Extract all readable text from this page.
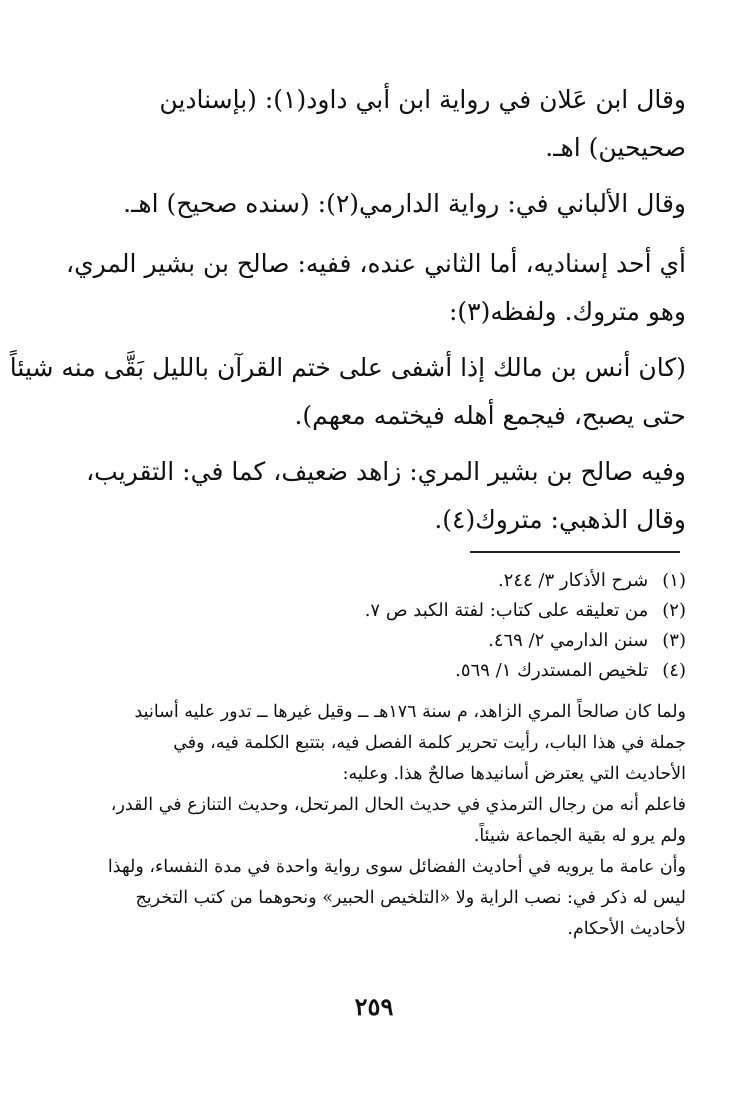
وقال ابن عَلان في رواية ابن أبي داود(١): (بإسنادين
صحيحين) اهـ.
وقال الألباني في: رواية الدارمي(٢): (سنده صحيح) اهـ.
أي أحد إسناديه، أما الثاني عنده، ففيه: صالح بن بشير المري،
وهو متروك. ولفظه(٣):
(كان أنس بن مالك إذا أشفى على ختم القرآن بالليل بَقَّى منه شيئاً
حتى يصبح، فيجمع أهله فيختمه معهم).
وفيه صالح بن بشير المري: زاهد ضعيف، كما في: التقريب،
وقال الذهبي: متروك(٤).
(١) شرح الأذكار ٣/ ٢٤٤.
(٢) من تعليقه على كتاب: لفتة الكبد ص ٧.
(٣) سنن الدارمي ٢/ ٤٦٩.
(٤) تلخيص المستدرك ١/ ٥٦٩.
ولما كان صالحاً المري الزاهد، م سنة ١٧٦هـ ــ وقيل غيرها ــ تدور عليه أسانيد
جملة في هذا الباب، رأيت تحرير كلمة الفصل فيه، بتتبع الكلمة فيه، وفي
الأحاديث التي يعترض أسانيدها صالحٌ هذا. وعليه:
فاعلم أنه من رجال الترمذي في حديث الحال المرتحل، وحديث التنازع في القدر،
ولم يرو له بقية الجماعة شيئاً.
وأن عامة ما يرويه في أحاديث الفضائل سوى رواية واحدة في مدة النفساء، ولهذا
ليس له ذكر في: نصب الراية ولا «التلخيص الحبير» ونحوهما من كتب التخريج
لأحاديث الأحكام.
٢٥٩
